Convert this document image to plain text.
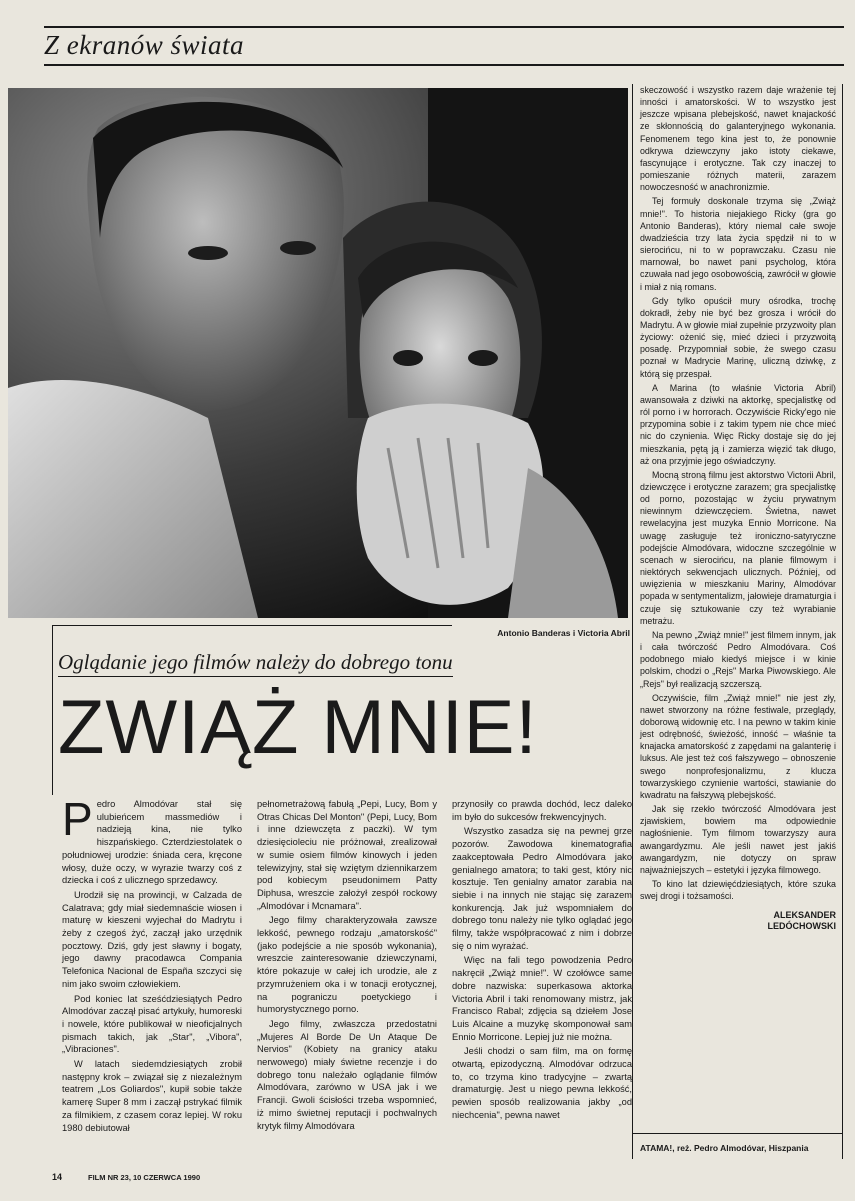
Z ekranów świata
Antonio Banderas i Victoria Abril
Oglądanie jego filmów należy do dobrego tonu
ZWIĄŻ MNIE!

Pedro Almodóvar stał się ulubieńcem massmediów i nadzieją kina, nie tylko hiszpańskiego. Czterdziestolatek o południowej urodzie: śniada cera, kręcone włosy, duże oczy, w wyrazie twarzy coś z dziecka i coś z ulicznego sprzedawcy.

Urodził się na prowincji, w Calzada de Calatrava; gdy miał siedemnaście wiosen i maturę w kieszeni wyjechał do Madrytu i żeby z czegoś żyć, zaczął jako urzędnik pocztowy. Dziś, gdy jest sławny i bogaty, jego dawny pracodawca Compania Telefonica Nacional de España szczyci się nim jako swoim człowiekiem.

Pod koniec lat sześćdziesiątych Pedro Almodóvar zaczął pisać artykuły, humoreski i nowele, które publikował w nieoficjalnych pismach takich, jak „Star", „Vibora", „Vibraciones".

W latach siedemdziesiątych zrobił następny krok – związał się z niezależnym teatrem „Los Goliardos", kupił sobie także kamerę Super 8 mm i zaczął pstrykać filmik za filmikiem, z czasem coraz lepiej. W roku 1980 debiutował

pełnometrażową fabułą „Pepi, Lucy, Bom y Otras Chicas Del Monton" (Pepi, Lucy, Bom i inne dziewczęta z paczki). W tym dziesięcioleciu nie próżnował, zrealizował w sumie osiem filmów kinowych i jeden telewizyjny, stał się wziętym dziennikarzem pod kobiecym pseudonimem Patty Diphusa, wreszcie założył zespół rockowy „Almodóvar i Mcnamara".

Jego filmy charakteryzowała zawsze lekkość, pewnego rodzaju „amatorskość" (jako podejście a nie sposób wykonania), wreszcie zainteresowanie dziewczynami, które pokazuje w całej ich urodzie, ale z przymrużeniem oka i w tonacji erotycznej, na pograniczu poetyckiego i humorystycznego porno.

Jego filmy, zwłaszcza przedostatni „Mujeres Al Borde De Un Ataque De Nervios" (Kobiety na granicy ataku nerwowego) miały świetne recenzje i do dobrego tonu należało oglądanie filmów Almodóvara, zarówno w USA jak i we Francji. Gwoli ścisłości trzeba wspomnieć, iż mimo świetnej reputacji i pochwalnych krytyk filmy Almodóvara

przynosiły co prawda dochód, lecz daleko im było do sukcesów frekwencyjnych.

Wszystko zasadza się na pewnej grze pozorów. Zawodowa kinematografia zaakceptowała Pedro Almodóvara jako genialnego amatora; to taki gest, który nic kosztuje. Ten genialny amator zarabia na siebie i na innych nie stając się zarazem konkurencją. Jak już wspomniałem do dobrego tonu należy nie tylko oglądać jego filmy, także współpracować z nim i dobrze się o nim wyrażać.

Więc na fali tego powodzenia Pedro nakręcił „Zwiąż mnie!". W czołówce same dobre nazwiska: superkasowa aktorka Victoria Abril i taki renomowany mistrz, jak Francisco Rabal; zdjęcia są dziełem Jose Luis Alcaine a muzykę skomponował sam Ennio Morricone. Lepiej już nie można.

Jeśli chodzi o sam film, ma on formę otwartą, epizodyczną. Almodóvar odrzuca to, co trzyma kino tradycyjne – zwartą dramaturgię. Jest u niego pewna lekkość, pewien sposób realizowania jakby „od niechcenia", pewna nawet

skeczowość i wszystko razem daje wrażenie tej inności i amatorskości. W to wszystko jest jeszcze wpisana plebejskość, nawet knajackość ze skłonnością do galanteryjnego wykonania. Fenomenem tego kina jest to, że ponownie odkrywa dziewczyny jako istoty ciekawe, fascynujące i erotyczne. Tak czy inaczej to pomieszanie różnych materii, zarazem nowoczesność w anachronizmie.

Tej formuły doskonale trzyma się „Zwiąż mnie!". To historia niejakiego Ricky (gra go Antonio Banderas), który niemal całe swoje dwadzieścia trzy lata życia spędził ni to w sierocińcu, ni to w poprawczaku. Czasu nie marnował, bo nawet pani psycholog, która czuwała nad jego osobowością, zawrócił w głowie i miał z nią romans.

Gdy tylko opuścił mury ośrodka, trochę dokradł, żeby nie być bez grosza i wrócił do Madrytu. A w głowie miał zupełnie przyzwoity plan życiowy: ożenić się, mieć dzieci i przyzwoitą posadę. Przypomniał sobie, że swego czasu poznał w Madrycie Marinę, uliczną dziwkę, z którą się przespał.

A Marina (to właśnie Victoria Abril) awansowała z dziwki na aktorkę, specjalistkę od ról porno i w horrorach. Oczywiście Ricky'ego nie przypomina sobie i z takim typem nie chce mieć nic do czynienia. Więc Ricky dostaje się do jej mieszkania, pętą ją i zamierza więzić tak długo, aż ona przyjmie jego oświadczyny.

Mocną stroną filmu jest aktorstwo Victorii Abril, dziewczęce i erotyczne zarazem; gra specjalistkę od porno, pozostając w życiu prywatnym niewinnym dziewczęciem. Świetna, nawet rewelacyjna jest muzyka Ennio Morricone. Na uwagę zasługuje też ironiczno-satyryczne podejście Almodóvara, widoczne szczególnie w scenach w sierocińcu, na planie filmowym i niektórych sekwencjach ulicznych. Później, od uwięzienia w mieszkaniu Mariny, Almodóvar popada w sentymentalizm, jałowieje dramaturgia i czuje się sztukowanie czy też wyrabianie metrażu.

Na pewno „Zwiąż mnie!" jest filmem innym, jak i cała twórczość Pedro Almodóvara. Coś podobnego miało kiedyś miejsce i w kinie polskim, chodzi o „Rejs" Marka Piwowskiego. Ale „Rejs" był realizacją szczerszą.

Oczywiście, film „Zwiąż mnie!" nie jest zły, nawet stworzony na różne festiwale, przeglądy, doborową widownię etc. I na pewno w takim kinie jest odrębność, świeżość, inność – właśnie ta knajacka amatorskość z zapędami na galanterię i luksus. Ale jest też coś fałszywego – obnoszenie swego nonprofesjonalizmu, z klucza towarzyskiego czynienie wartości, stawianie do kwadratu na fałszywą plebejskość.

Jak się rzekło twórczość Almodóvara jest zjawiskiem, bowiem ma odpowiednie nagłośnienie. Tym filmom towarzyszy aura awangardyzmu. Ale jeśli nawet jest jakiś awangardyzm, nie dotyczy on spraw najważniejszych – estetyki i języka filmowego.

To kino lat dziewięćdziesiątych, które szuka swej drogi i tożsamości.

ALEKSANDER
LEDÓCHOWSKI
ATAMA!, reż. Pedro Almodóvar, Hiszpania
14	FILM NR 23, 10 CZERWCA 1990
